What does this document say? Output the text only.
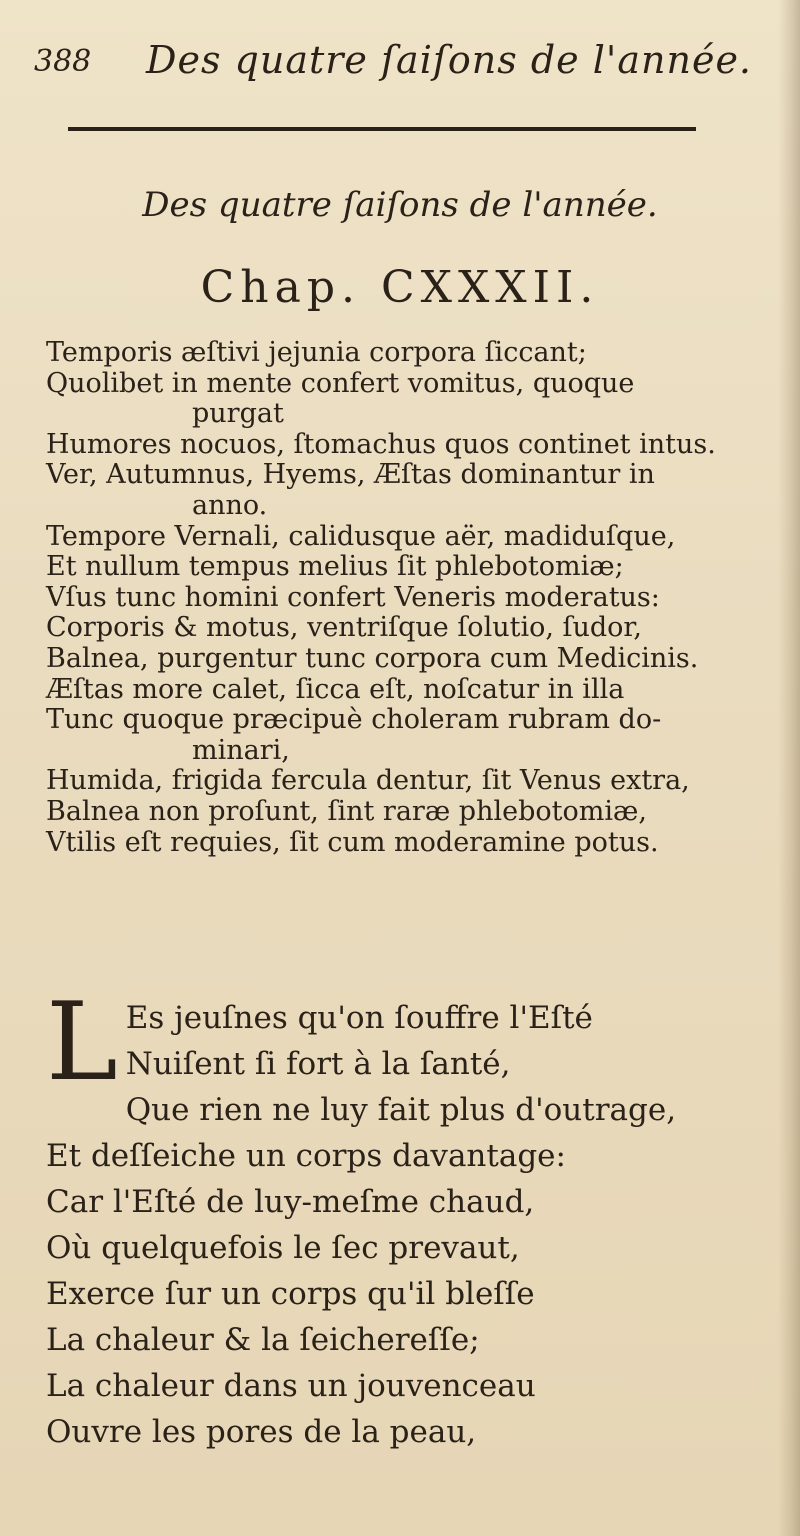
388 Des quatre ſaiſons de l'année.
Des quatre ſaiſons de l'année.
Chap. CXXXII.
Temporis æſtivi jejunia corpora ſiccant;
Quolibet in mente confert vomitus, quoque
purgat
Humores nocuos, ſtomachus quos continet intus.
Ver, Autumnus, Hyems, Æſtas dominantur in
anno.
Tempore Vernali, calidusque aër, madiduſque,
Et nullum tempus melius ſit phlebotomiæ;
Vſus tunc homini confert Veneris moderatus:
Corporis & motus, ventriſque ſolutio, ſudor,
Balnea, purgentur tunc corpora cum Medicinis.
Æſtas more calet, ſicca eſt, noſcatur in illa
Tunc quoque præcipuè choleram rubram do-
minari,
Humida, frigida fercula dentur, ſit Venus extra,
Balnea non proſunt, ſint raræ phlebotomiæ,
Vtilis eſt requies, ſit cum moderamine potus.
L Es jeuſnes qu'on ſouffre l'Eſté
Nuiſent ſi fort à la ſanté,
Que rien ne luy fait plus d'outrage,
Et deſſeiche un corps davantage:
Car l'Eſté de luy-meſme chaud,
Où quelquefois le ſec prevaut,
Exerce ſur un corps qu'il bleſſe
La chaleur & la ſeichereſſe;
La chaleur dans un jouvenceau
Ouvre les pores de la peau,
